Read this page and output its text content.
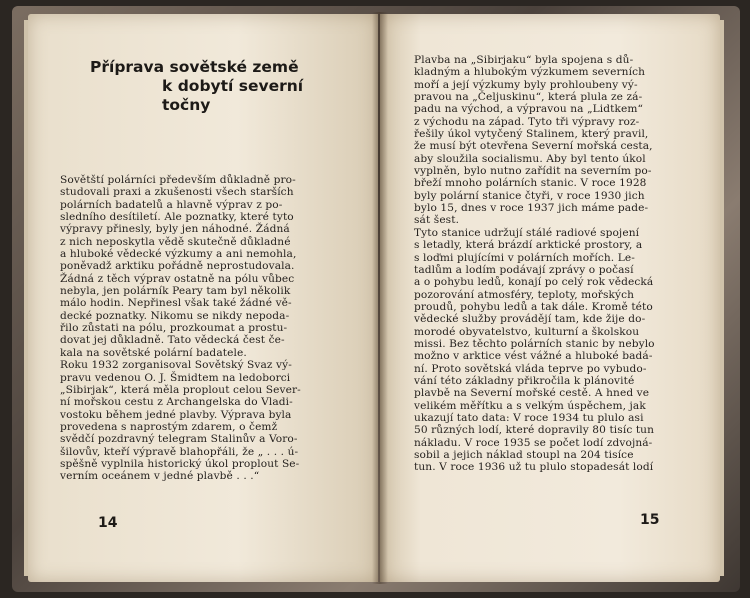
Příprava sovětské země
k dobytí severní točny
Sovětští polárníci především důkladně pro-
studovali praxi a zkušenosti všech starších
polárních badatelů a hlavně výprav z po-
sledního desítiletí. Ale poznatky, které tyto
výpravy přinesly, byly jen náhodné. Žádná
z nich neposkytla vědě skutečně důkladné
a hluboké vědecké výzkumy a ani nemohla,
poněvadž arktiku pořádně neprostudovala.
Žádná z těch výprav ostatně na pólu vůbec
nebyla, jen polárník Peary tam byl několik
málo hodin. Nepřinesl však také žádné vě-
decké poznatky. Nikomu se nikdy nepoda-
řilo zůstati na pólu, prozkoumat a prostu-
dovat jej důkladně. Tato vědecká čest če-
kala na sovětské polární badatele.
Roku 1932 zorganisoval Sovětský Svaz vý-
pravu vedenou O. J. Šmidtem na ledoborci
„Sibirjak“, která měla proplout celou Sever-
ní mořskou cestu z Archangelska do Vladi-
vostoku během jedné plavby. Výprava byla
provedena s naprostým zdarem, o čemž
svědčí pozdravný telegram Stalinův a Voro-
šilovův, kteří výpravě blahopřáli, že „ . . . ú-
spěšně vyplnila historický úkol proplout Se-
verním oceánem v jedné plavbě . . .“
Plavba na „Sibirjaku“ byla spojena s dů-
kladným a hlubokým výzkumem severních
moří a její výzkumy byly prohloubeny vý-
pravou na „Čeljuskinu“, která plula ze zá-
padu na východ, a výpravou na „Lidtkem“
z východu na západ. Tyto tři výpravy roz-
řešily úkol vytyčený Stalinem, který pravil,
že musí být otevřena Severní mořská cesta,
aby sloužila socialismu. Aby byl tento úkol
vyplněn, bylo nutno zařídit na severním po-
břeží mnoho polárních stanic. V roce 1928
byly polární stanice čtyři, v roce 1930 jich
bylo 15, dnes v roce 1937 jich máme pade-
sát šest.
Tyto stanice udržují stálé radiové spojení
s letadly, která brázdí arktické prostory, a
s loďmi plujícími v polárních mořích. Le-
tadlům a lodím podávají zprávy o počasí
a o pohybu ledů, konají po celý rok vědecká
pozorování atmosféry, teploty, mořských
proudů, pohybu ledů a tak dále. Kromě této
vědecké služby provádějí tam, kde žije do-
morodé obyvatelstvo, kulturní a školskou
missi. Bez těchto polárních stanic by nebylo
možno v arktice vést vážné a hluboké badá-
ní. Proto sovětská vláda teprve po vybudo-
vání této základny přikročila k plánovité
plavbě na Severní mořské cestě. A hned ve
velikém měřítku a s velkým úspěchem, jak
ukazují tato data: V roce 1934 tu plulo asi
50 různých lodí, které dopravily 80 tisíc tun
nákladu. V roce 1935 se počet lodí zdvojná-
sobil a jejich náklad stoupl na 204 tisíce
tun. V roce 1936 už tu plulo stopadesát lodí
14	15
